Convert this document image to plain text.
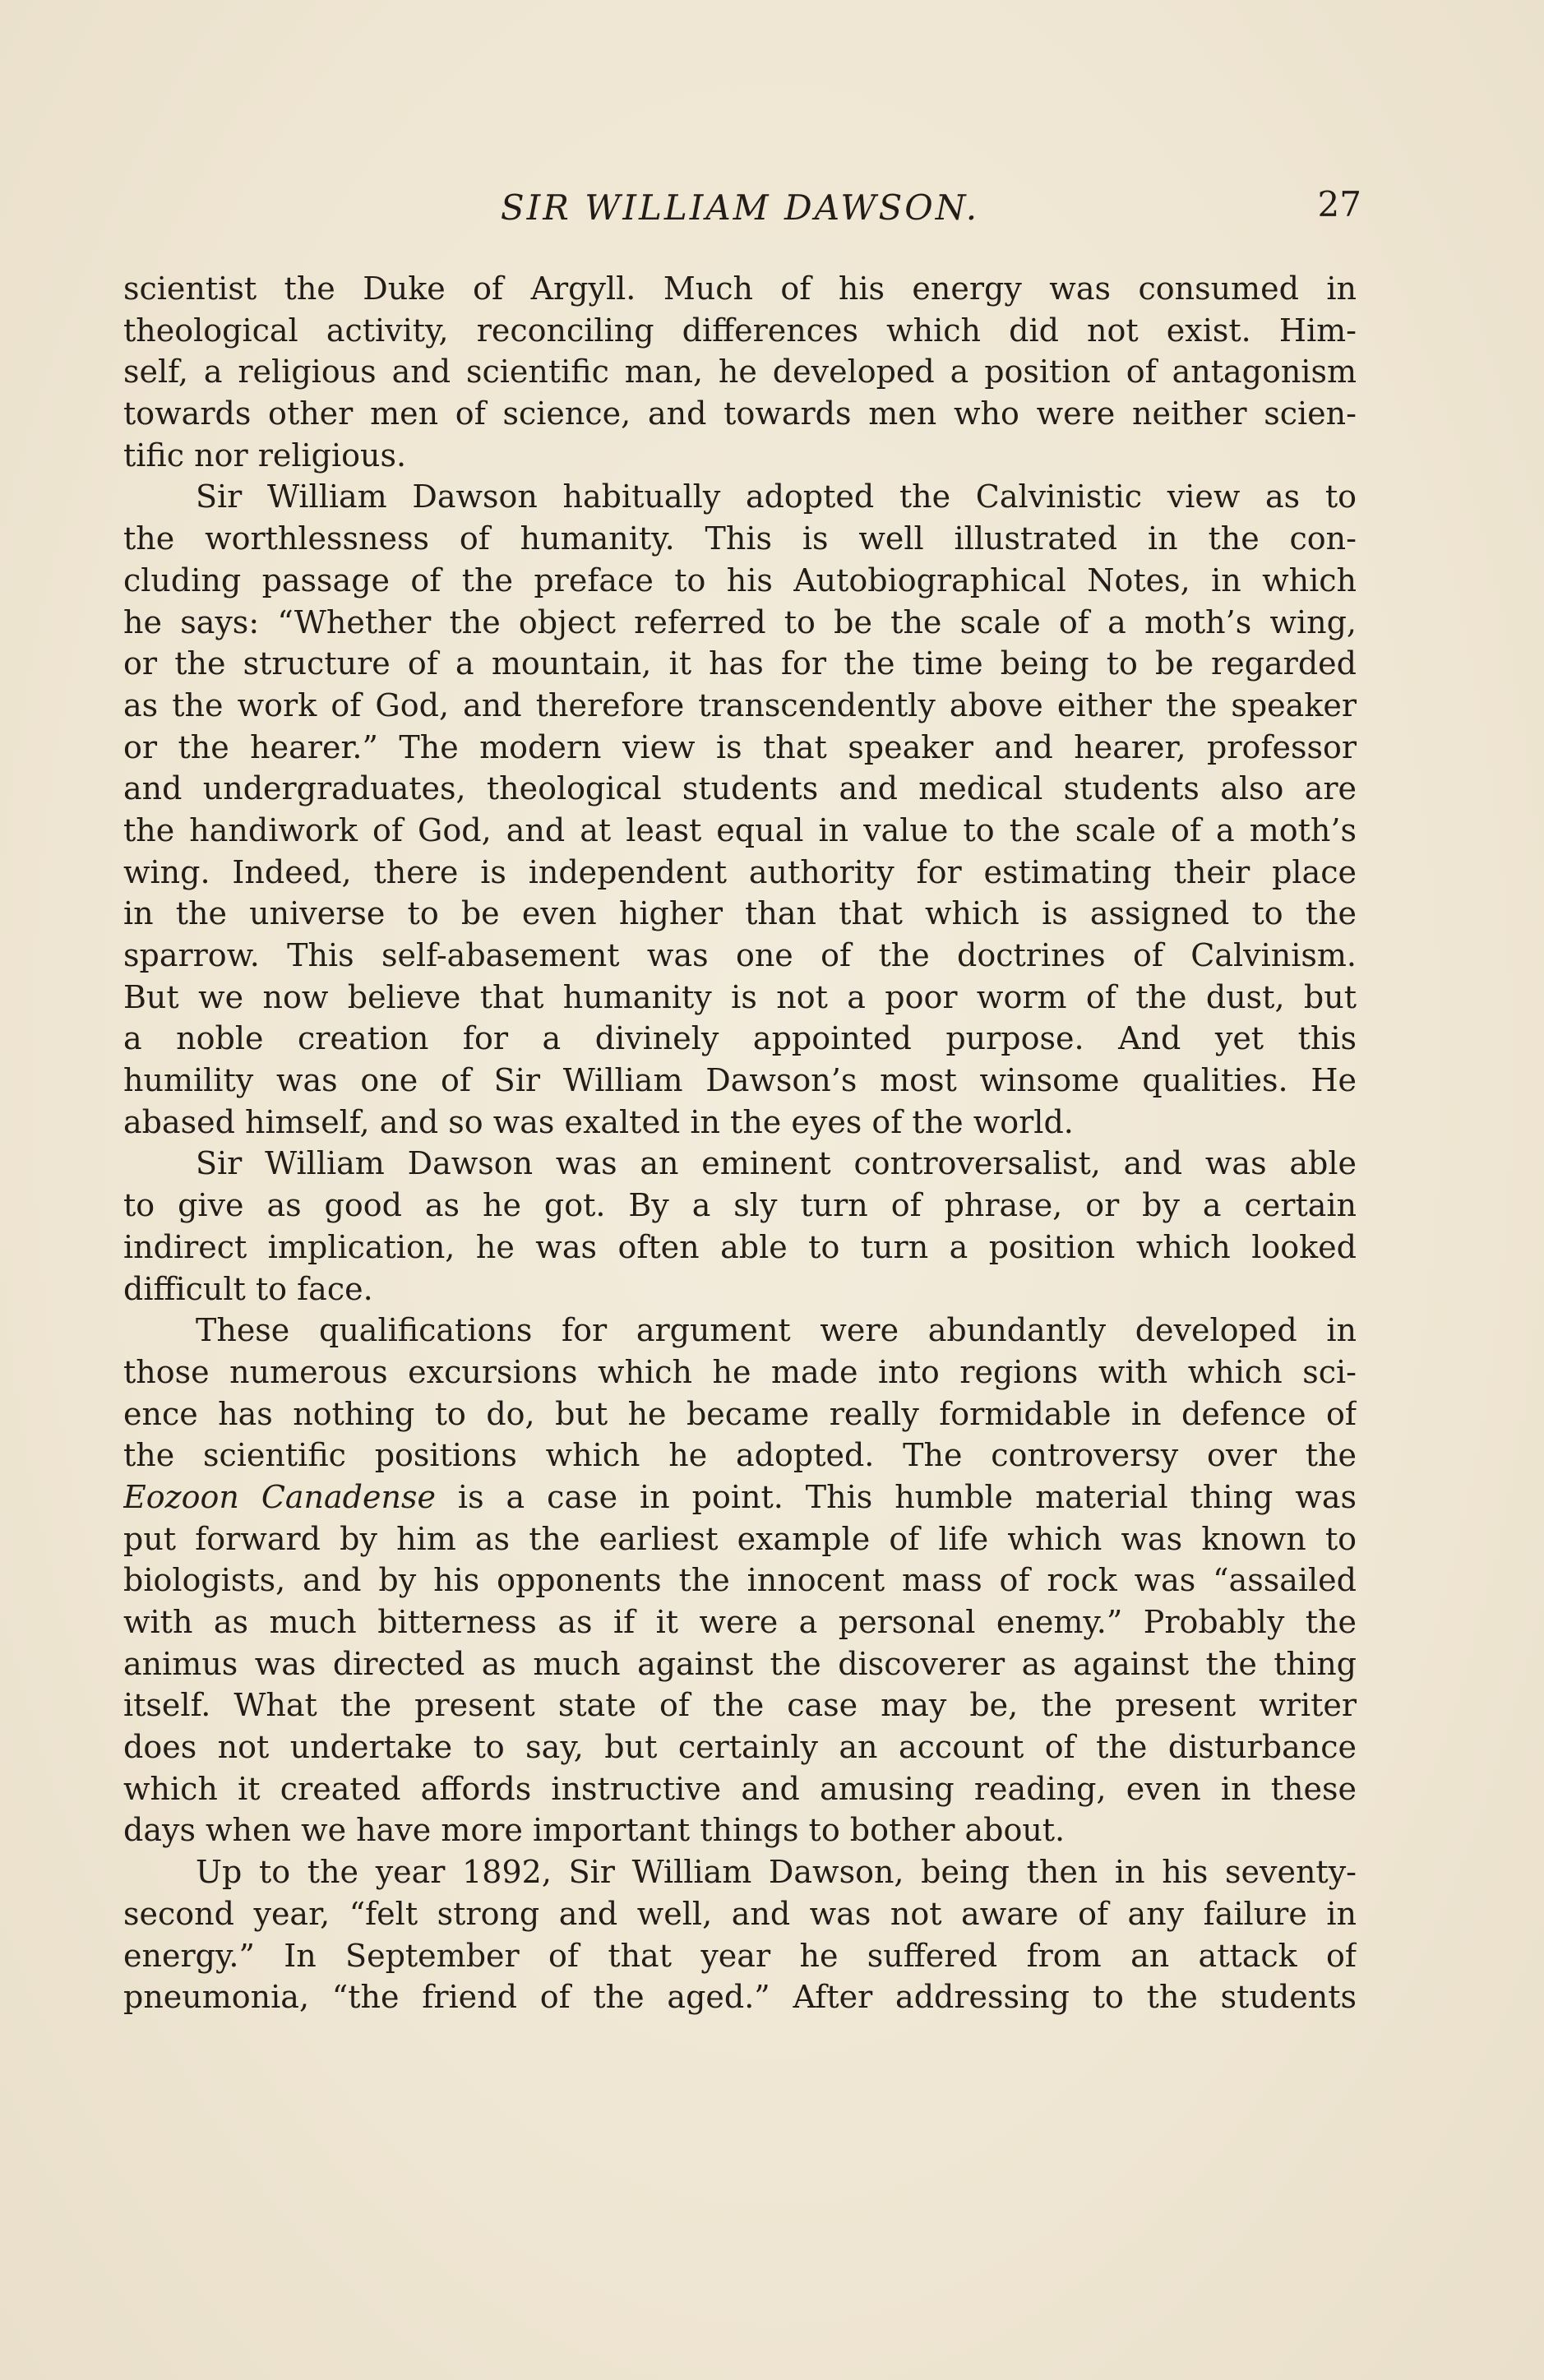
SIR WILLIAM DAWSON.	27
scientist the Duke of Argyll. Much of his energy was consumed in
theological activity, reconciling differences which did not exist. Him-
self, a religious and scientific man, he developed a position of antagonism
towards other men of science, and towards men who were neither scien-
tific nor religious.
Sir William Dawson habitually adopted the Calvinistic view as to
the worthlessness of humanity. This is well illustrated in the con-
cluding passage of the preface to his Autobiographical Notes, in which
he says: “Whether the object referred to be the scale of a moth’s wing,
or the structure of a mountain, it has for the time being to be regarded
as the work of God, and therefore transcendently above either the speaker
or the hearer.” The modern view is that speaker and hearer, professor
and undergraduates, theological students and medical students also are
the handiwork of God, and at least equal in value to the scale of a moth’s
wing. Indeed, there is independent authority for estimating their place
in the universe to be even higher than that which is assigned to the
sparrow. This self-abasement was one of the doctrines of Calvinism.
But we now believe that humanity is not a poor worm of the dust, but
a noble creation for a divinely appointed purpose. And yet this
humility was one of Sir William Dawson’s most winsome qualities. He
abased himself, and so was exalted in the eyes of the world.
Sir William Dawson was an eminent controversalist, and was able
to give as good as he got. By a sly turn of phrase, or by a certain
indirect implication, he was often able to turn a position which looked
difficult to face.
These qualifications for argument were abundantly developed in
those numerous excursions which he made into regions with which sci-
ence has nothing to do, but he became really formidable in defence of
the scientific positions which he adopted. The controversy over the
Eozoon Canadense is a case in point. This humble material thing was
put forward by him as the earliest example of life which was known to
biologists, and by his opponents the innocent mass of rock was “assailed
with as much bitterness as if it were a personal enemy.” Probably the
animus was directed as much against the discoverer as against the thing
itself. What the present state of the case may be, the present writer
does not undertake to say, but certainly an account of the disturbance
which it created affords instructive and amusing reading, even in these
days when we have more important things to bother about.
Up to the year 1892, Sir William Dawson, being then in his seventy-
second year, “felt strong and well, and was not aware of any failure in
energy.” In September of that year he suffered from an attack of
pneumonia, “the friend of the aged.” After addressing to the students
